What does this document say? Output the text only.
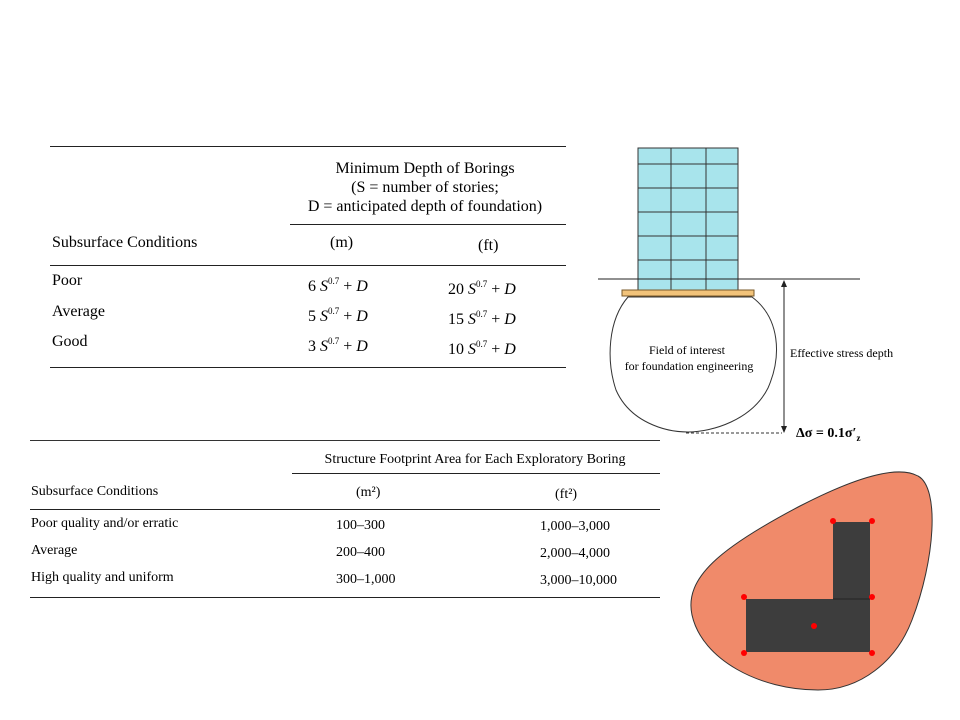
Minimum Depth of Borings
(S = number of stories;
D = anticipated depth of foundation)
Subsurface Conditions	(m)	(ft)
Poor	6 $S^{0.7} + D$	20 $S^{0.7} + D$
Average	5 $S^{0.7} + D$	15 $S^{0.7} + D$
Good	3 $S^{0.7} + D$	10 $S^{0.7} + D$
Structure Footprint Area for Each Exploratory Boring
Subsurface Conditions	(m²)	(ft²)
Poor quality and/or erratic	100–300	1,000–3,000
Average	200–400	2,000–4,000
High quality and uniform	300–1,000	3,000–10,000
Field of interest
for foundation engineering
Effective stress depth
$\Delta\sigma = 0.1\sigma'_z$
